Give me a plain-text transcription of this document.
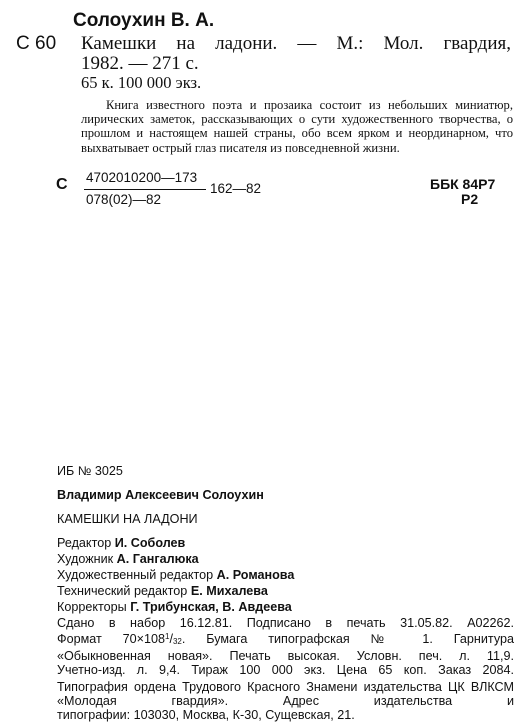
Солоухин В. А.
С 60 Камешки на ладони. — М.: Мол. гвардия,
1982. — 271 с.
65 к. 100 000 экз.
Книга известного поэта и прозаика состоит из небольших миниатюр, лирических заметок, рассказывающих о сути художественного творчества, о прошлом и настоящем нашей страны, обо всем ярком и неординарном, что выхватывает острый глаз писателя из повседневной жизни.
С 4702010200—173
078(02)—82
162—82	ББК 84Р7
Р2
ИБ № 3025
Владимир Алексеевич Солоухин
КАМЕШКИ НА ЛАДОНИ
Редактор И. Соболев
Художник А. Гангалюка
Художественный редактор А. Романова
Технический редактор Е. Михалева
Корректоры Г. Трибунская, В. Авдеева
Сдано в набор 16.12.81. Подписано в печать 31.05.82. А02262.
Формат $70\times 108^1/_{32}$. Бумага типографская № 1. Гарнитура
«Обыкновенная новая». Печать высокая. Условн. печ. л. 11,9.
Учетно-изд. л. 9,4. Тираж 100 000 экз. Цена 65 коп. Заказ 2084.
Типография ордена Трудового Красного Знамени издательства ЦК ВЛКСМ «Молодая гвардия». Адрес издательства и
типографии: 103030, Москва, К-30, Сущевская, 21.
